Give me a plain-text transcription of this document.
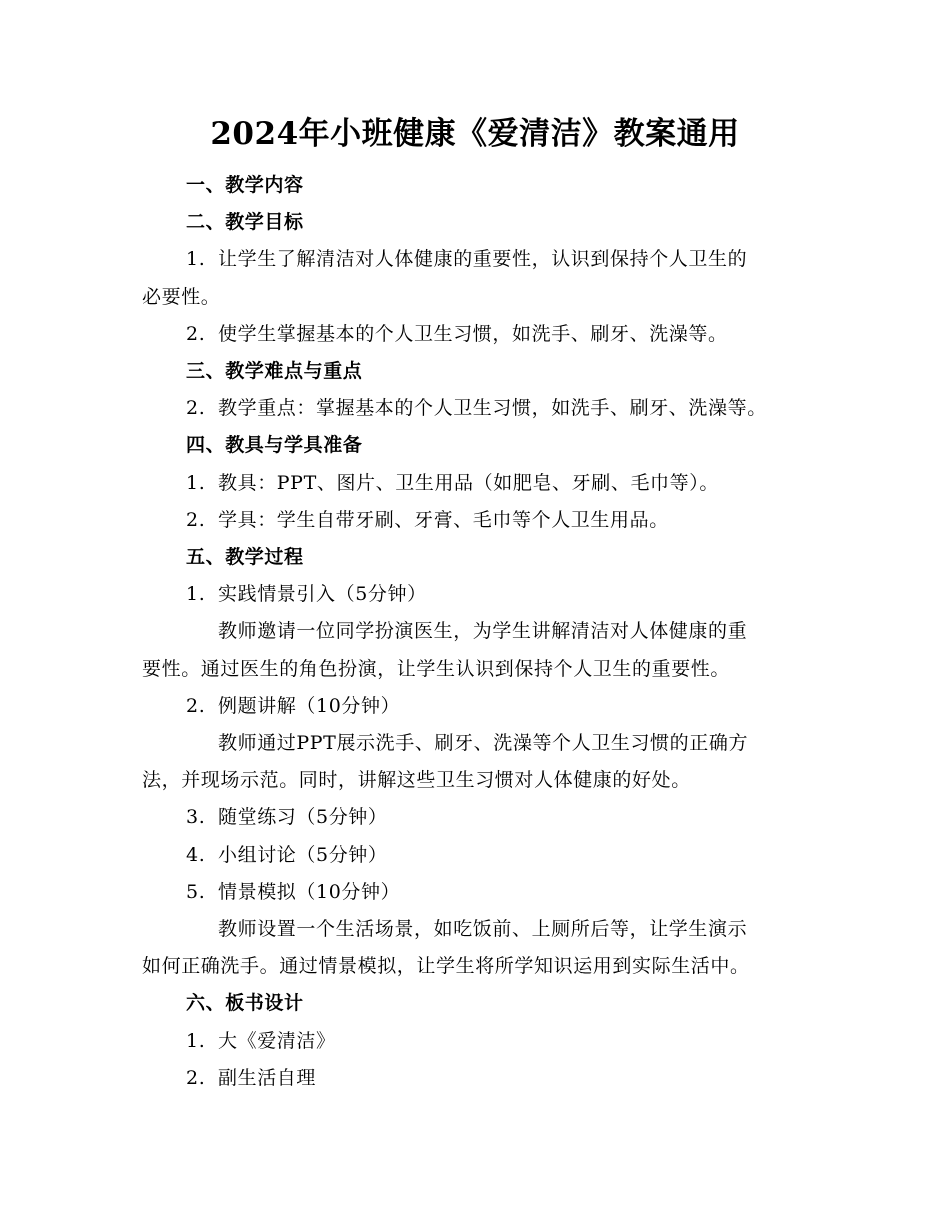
2024年小班健康《爱清洁》教案通用
一、教学内容
二、教学目标
1. 让学生了解清洁对人体健康的重要性，认识到保持个人卫生的
必要性。
2. 使学生掌握基本的个人卫生习惯，如洗手、刷牙、洗澡等。
三、教学难点与重点
2. 教学重点：掌握基本的个人卫生习惯，如洗手、刷牙、洗澡等。
四、教具与学具准备
1. 教具：PPT、图片、卫生用品（如肥皂、牙刷、毛巾等）。
2. 学具：学生自带牙刷、牙膏、毛巾等个人卫生用品。
五、教学过程
1. 实践情景引入（5分钟）
教师邀请一位同学扮演医生，为学生讲解清洁对人体健康的重
要性。通过医生的角色扮演，让学生认识到保持个人卫生的重要性。
2. 例题讲解（10分钟）
教师通过PPT展示洗手、刷牙、洗澡等个人卫生习惯的正确方
法，并现场示范。同时，讲解这些卫生习惯对人体健康的好处。
3. 随堂练习（5分钟）
4. 小组讨论（5分钟）
5. 情景模拟（10分钟）
教师设置一个生活场景，如吃饭前、上厕所后等，让学生演示
如何正确洗手。通过情景模拟，让学生将所学知识运用到实际生活中。
六、板书设计
1. 大《爱清洁》
2. 副生活自理
